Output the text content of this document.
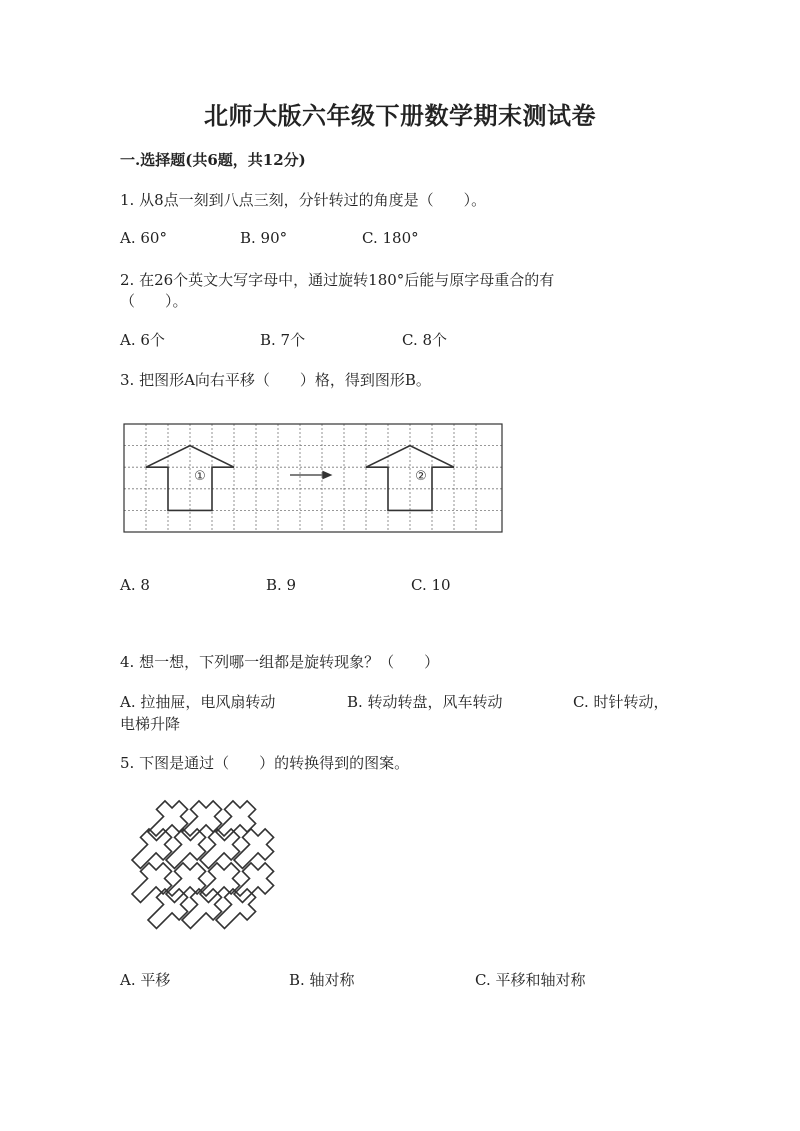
北师大版六年级下册数学期末测试卷
一.选择题(共6题，共12分)
1. 从8点一刻到八点三刻，分针转过的角度是（　　）。
A. 60°	B. 90°	C. 180°
2. 在26个英文大写字母中，通过旋转180°后能与原字母重合的有
（　　）。
A. 6个	B. 7个	C. 8个
3. 把图形A向右平移（　　）格，得到图形B。
①	②
A. 8	B. 9	C. 10
4. 想一想，下列哪一组都是旋转现象？（　　）
A. 拉抽屉，电风扇转动	B. 转动转盘，风车转动	C. 时针转动，
电梯升降
5. 下图是通过（　　）的转换得到的图案。
A. 平移	B. 轴对称	C. 平移和轴对称
